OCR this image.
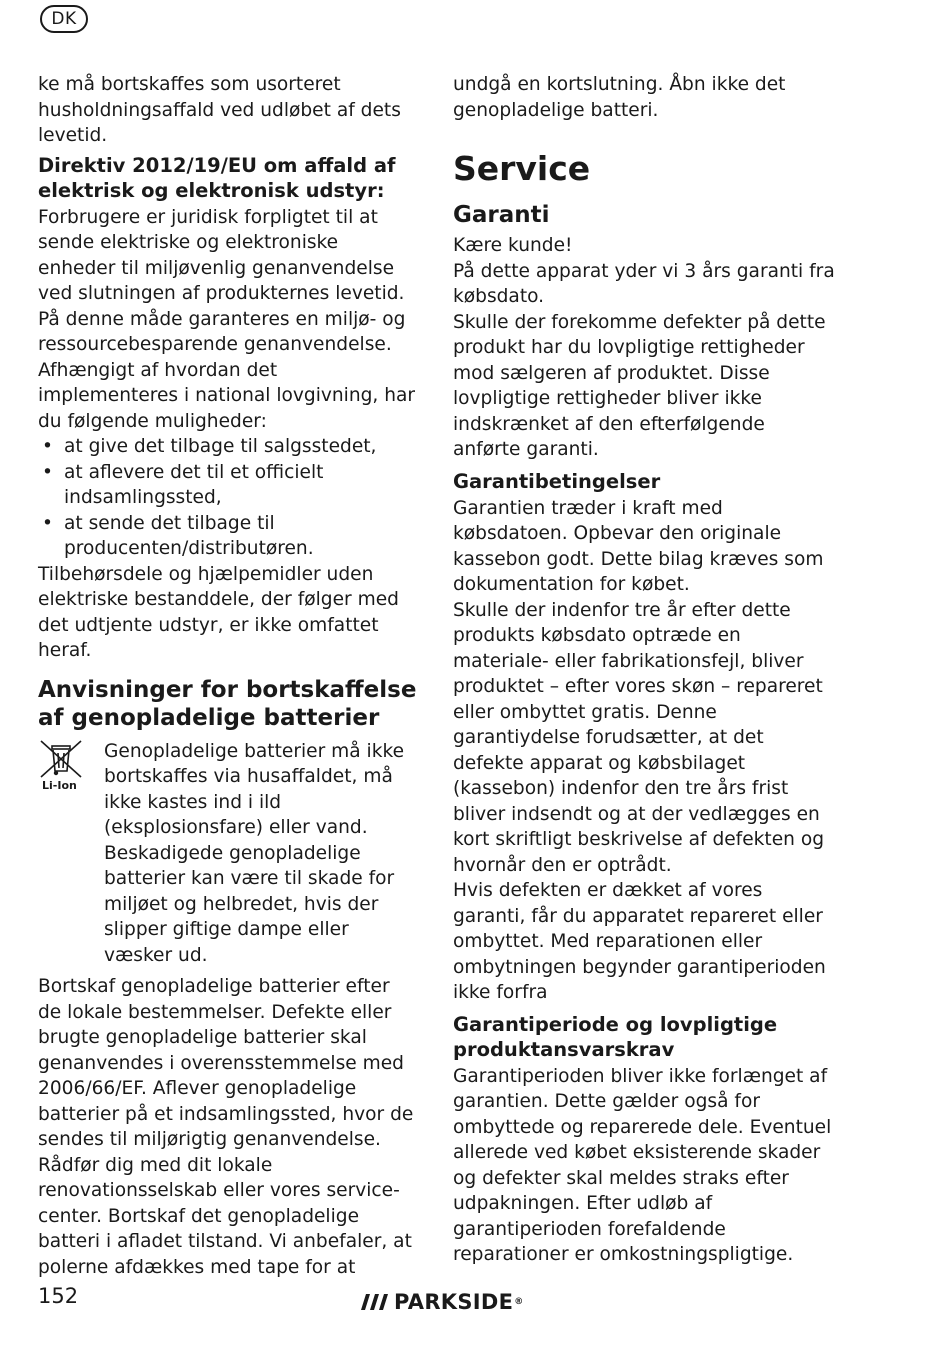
DK

ke må bortskaffes som usorteret husholdningsaffald ved udløbet af dets levetid.

Direktiv 2012/19/EU om affald af elektrisk og elektronisk udstyr:

Forbrugere er juridisk forpligtet til at sende elektriske og elektroniske enheder til miljøvenlig genanvendelse ved slutningen af produkternes levetid. På denne måde garanteres en miljø- og ressourcebesparende genanvendelse.

Afhængigt af hvordan det implementeres i national lovgivning, har du følgende muligheder:

• at give det tilbage til salgsstedet,
• at aflevere det til et officielt indsamlingssted,
• at sende det tilbage til producenten/distributøren.

Tilbehørsdele og hjælpemidler uden elektriske bestanddele, der følger med det udtjente udstyr, er ikke omfattet heraf.

Anvisninger for bortskaffelse af genopladelige batterier
Li-Ion

Genopladelige batterier må ikke bortskaffes via husaffaldet, må ikke kastes ind i ild (eksplosionsfare) eller vand. Beskadigede genopladelige batterier kan være til skade for miljøet og helbredet, hvis der slipper giftige dampe eller væsker ud.

Bortskaf genopladelige batterier efter de lokale bestemmelser. Defekte eller brugte genopladelige batterier skal genanvendes i overensstemmelse med 2006/66/EF. Aflever genopladelige batterier på et indsamlingssted, hvor de sendes til miljørigtig genanvendelse. Rådfør dig med dit lokale renovationsselskab eller vores service-center. Bortskaf det genopladelige batteri i afladet tilstand. Vi anbefaler, at polerne afdækkes med tape for at

undgå en kortslutning. Åbn ikke det genopladelige batteri.

Service
Garanti

Kære kunde!

På dette apparat yder vi 3 års garanti fra købsdato.

Skulle der forekomme defekter på dette produkt har du lovpligtige rettigheder mod sælgeren af produktet. Disse lovpligtige rettigheder bliver ikke indskrænket af den efterfølgende anførte garanti.

Garantibetingelser

Garantien træder i kraft med købsdatoen. Opbevar den originale kassebon godt. Dette bilag kræves som dokumentation for købet.

Skulle der indenfor tre år efter dette produkts købsdato optræde en materiale- eller fabrikationsfejl, bliver produktet – efter vores skøn – repareret eller ombyttet gratis. Denne garantiydelse forudsætter, at det defekte apparat og købsbilaget (kassebon) indenfor den tre års frist bliver indsendt og at der vedlægges en kort skriftligt beskrivelse af defekten og hvornår den er optrådt.

Hvis defekten er dækket af vores garanti, får du apparatet repareret eller ombyttet. Med reparationen eller ombytningen begynder garantiperioden ikke forfra

Garantiperiode og lovpligtige produktansvarskrav

Garantiperioden bliver ikke forlænget af garantien. Dette gælder også for ombyttede og reparerede dele. Eventuel allerede ved købet eksisterende skader og defekter skal meldes straks efter udpakningen. Efter udløb af garantiperioden forefaldende reparationer er omkostningspligtige.

152	PARKSIDE ®
